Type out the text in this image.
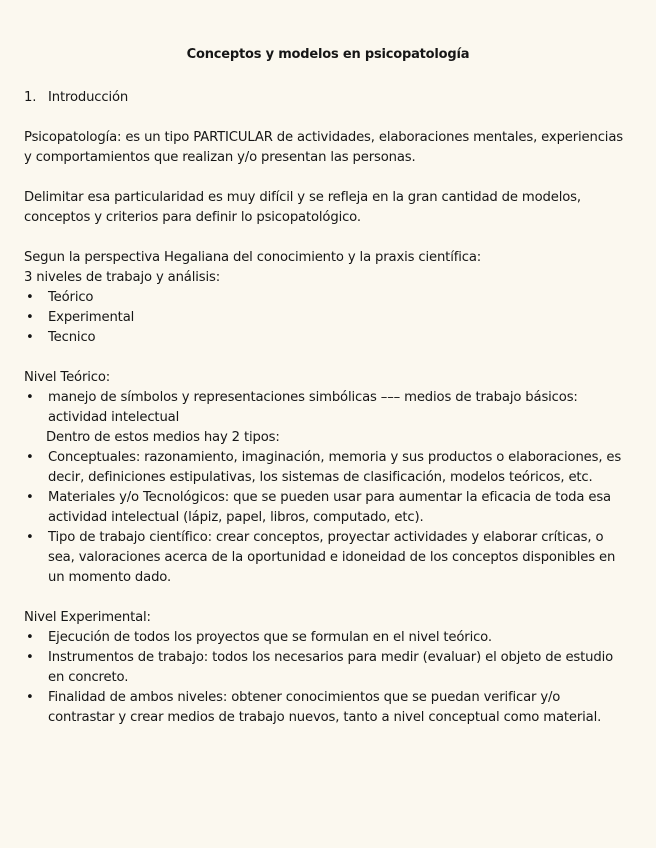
Conceptos y modelos en psicopatología
1. Introducción

Psicopatología: es un tipo PARTICULAR de actividades, elaboraciones mentales, experiencias y comportamientos que realizan y/o presentan las personas.

Delimitar esa particularidad es muy difícil y se refleja en la gran cantidad de modelos, conceptos y criterios para definir lo psicopatológico.

Segun la perspectiva Hegaliana del conocimiento y la praxis científica:

3 niveles de trabajo y análisis:

• Teórico
• Experimental
• Tecnico

Nivel Teórico:

• manejo de símbolos y representaciones simbólicas ––– medios de trabajo básicos: actividad intelectual

Dentro de estos medios hay 2 tipos:

• Conceptuales: razonamiento, imaginación, memoria y sus productos o elaboraciones, es decir, definiciones estipulativas, los sistemas de clasificación, modelos teóricos, etc.
• Materiales y/o Tecnológicos: que se pueden usar para aumentar la eficacia de toda esa actividad intelectual (lápiz, papel, libros, computado, etc).
• Tipo de trabajo científico: crear conceptos, proyectar actividades y elaborar críticas, o sea, valoraciones acerca de la oportunidad e idoneidad de los conceptos disponibles en un momento dado.

Nivel Experimental:

• Ejecución de todos los proyectos que se formulan en el nivel teórico.
• Instrumentos de trabajo: todos los necesarios para medir (evaluar) el objeto de estudio en concreto.
• Finalidad de ambos niveles: obtener conocimientos que se puedan verificar y/o contrastar y crear medios de trabajo nuevos, tanto a nivel conceptual como material.
